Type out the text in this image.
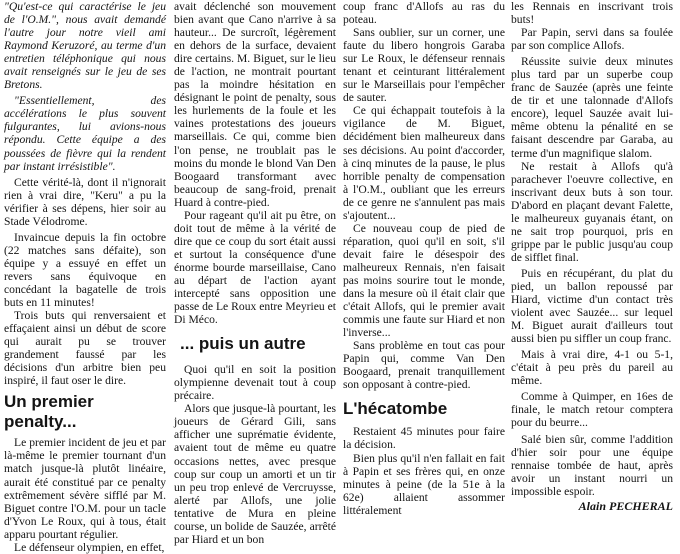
"Qu'est-ce qui caractérise le jeu de l'O.M.", nous avait demandé l'autre jour notre vieil ami Raymond Keruzoré, au terme d'un entretien téléphonique qui nous avait renseignés sur le jeu de ses Bretons.

"Essentiellement, des accélérations le plus souvent fulgurantes, lui avions-nous répondu. Cette équipe a des poussées de fièvre qui la rendent par instant irrésistible".

Cette vérité-là, dont il n'ignorait rien à vrai dire, "Keru" a pu la vérifier à ses dépens, hier soir au Stade Vélodrome.

Invaincue depuis la fin octobre (22 matches sans défaite), son équipe y a essuyé en effet un revers sans équivoque en concédant la bagatelle de trois buts en 11 minutes!

Trois buts qui renversaient et effaçaient ainsi un début de score qui aurait pu se trouver grandement faussé par les décisions d'un arbitre bien peu inspiré, il faut oser le dire.

Un premier penalty...

Le premier incident de jeu et par là-même le premier tournant d'un match jusque-là plutôt linéaire, aurait été constitué par ce penalty extrêmement sévère sifflé par M. Biguet contre l'O.M. pour un tacle d'Yvon Le Roux, qui à tous, était apparu pourtant régulier.

Le défenseur olympien, en effet,

avait déclenché son mouvement bien avant que Cano n'arrive à sa hauteur... De surcroît, légèrement en dehors de la surface, devaient dire certains. M. Biguet, sur le lieu de l'action, ne montrait pourtant pas la moindre hésitation en désignant le point de penalty, sous les hurlements de la foule et les vaines protestations des joueurs marseillais. Ce qui, comme bien l'on pense, ne troublait pas le moins du monde le blond Van Den Boogaard transformant avec beaucoup de sang-froid, prenait Huard à contre-pied.

Pour rageant qu'il ait pu être, on doit tout de même à la vérité de dire que ce coup du sort était aussi et surtout la conséquence d'une énorme bourde marseillaise, Cano au départ de l'action ayant intercepté sans opposition une passe de Le Roux entre Meyrieu et Di Méco.

... puis un autre

Quoi qu'il en soit la position olympienne devenait tout à coup précaire.

Alors que jusque-là pourtant, les joueurs de Gérard Gili, sans afficher une suprématie évidente, avaient tout de même eu quatre occasions nettes, avec presque coup sur coup un amorti et un tir un peu trop enlevé de Vercruysse, alerté par Allofs, une jolie tentative de Mura en pleine course, un bolide de Sauzée, arrêté par Hiard et un bon

coup franc d'Allofs au ras du poteau.

Sans oublier, sur un corner, une faute du libero hongrois Garaba sur Le Roux, le défenseur rennais tenant et ceinturant littéralement sur le Marseillais pour l'empêcher de sauter.

Ce qui échappait toutefois à la vigilance de M. Biguet, décidément bien malheureux dans ses décisions. Au point d'accorder, à cinq minutes de la pause, le plus horrible penalty de compensation à l'O.M., oubliant que les erreurs de ce genre ne s'annulent pas mais s'ajoutent...

Ce nouveau coup de pied de réparation, quoi qu'il en soit, s'il devait faire le désespoir des malheureux Rennais, n'en faisait pas moins sourire tout le monde, dans la mesure où il était clair que c'était Allofs, qui le premier avait commis une faute sur Hiard et non l'inverse...

Sans problème en tout cas pour Papin qui, comme Van Den Boogaard, prenait tranquillement son opposant à contre-pied.

L'hécatombe

Restaient 45 minutes pour faire la décision.

Bien plus qu'il n'en fallait en fait à Papin et ses frères qui, en onze minutes à peine (de la 51e à la 62e) allaient assommer littéralement

les Rennais en inscrivant trois buts!

Par Papin, servi dans sa foulée par son complice Allofs.

Réussite suivie deux minutes plus tard par un superbe coup franc de Sauzée (après une feinte de tir et une talonnade d'Allofs encore), lequel Sauzée avait lui-même obtenu la pénalité en se faisant descendre par Garaba, au terme d'un magnifique slalom.

Ne restait à Allofs qu'à parachever l'oeuvre collective, en inscrivant deux buts à son tour. D'abord en plaçant devant Falette, le malheureux guyanais étant, on ne sait trop pourquoi, pris en grippe par le public jusqu'au coup de sifflet final.

Puis en récupérant, du plat du pied, un ballon repoussé par Hiard, victime d'un contact très violent avec Sauzée... sur lequel M. Biguet aurait d'ailleurs tout aussi bien pu siffler un coup franc.

Mais à vrai dire, 4-1 ou 5-1, c'était à peu près du pareil au même.

Comme à Quimper, en 16es de finale, le match retour comptera pour du beurre...

Salé bien sûr, comme l'addition d'hier soir pour une équipe rennaise tombée de haut, après avoir un instant nourri un impossible espoir.

Alain PECHERAL
